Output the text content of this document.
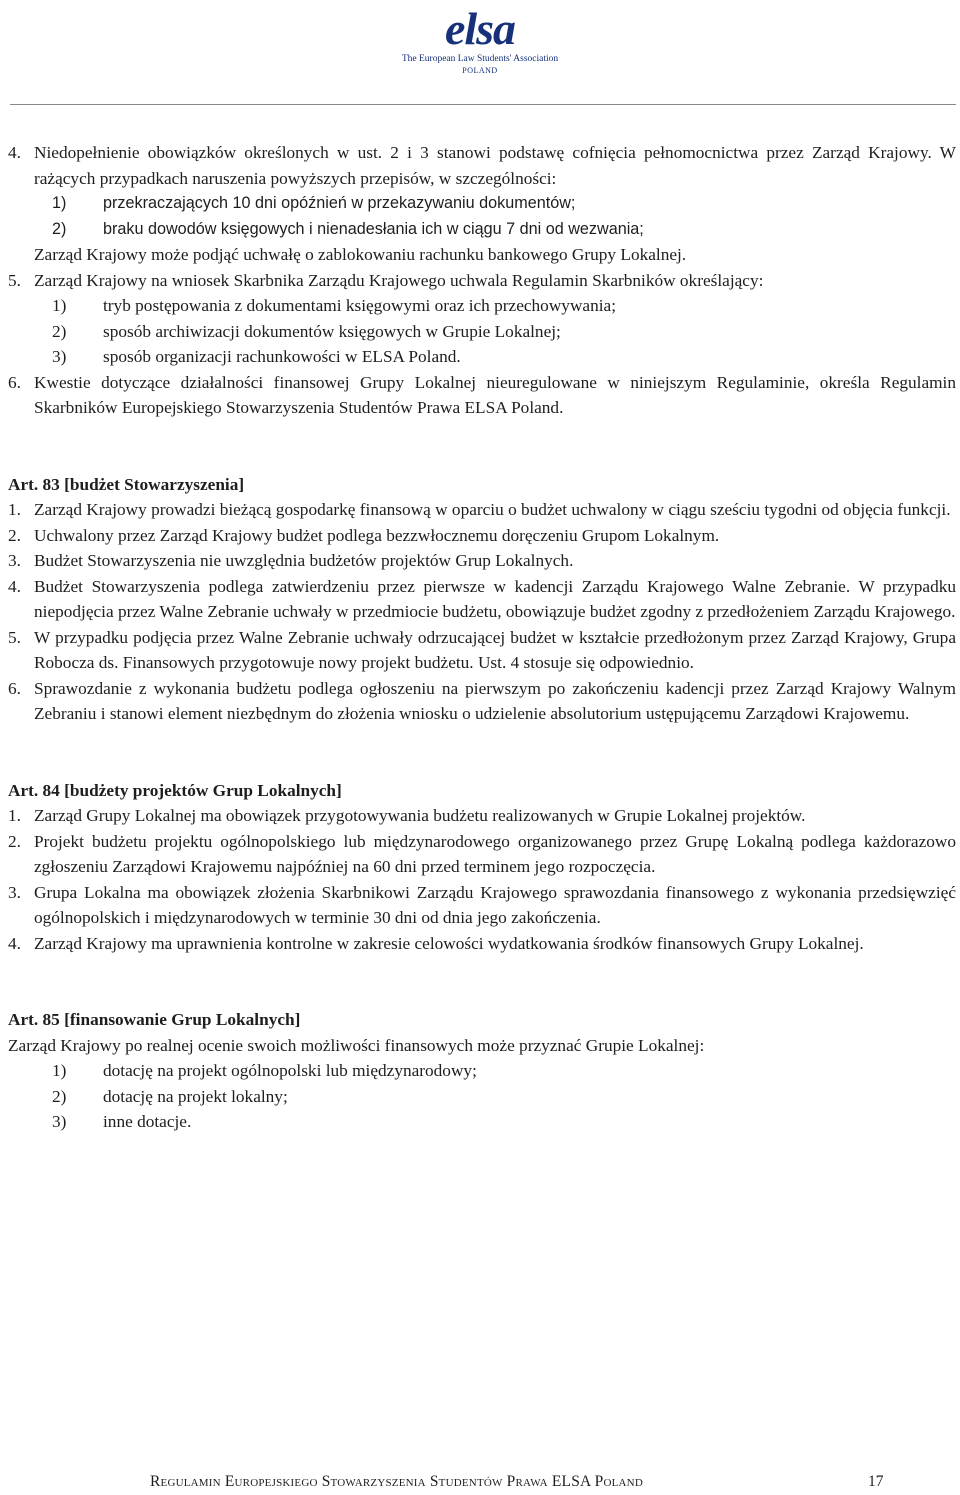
elsa
The European Law Students' Association
POLAND
4. Niedopełnienie obowiązków określonych w ust. 2 i 3 stanowi podstawę cofnięcia pełnomocnictwa przez Zarząd Krajowy. W rażących przypadkach naruszenia powyższych przepisów, w szczególności:
1) przekraczających 10 dni opóźnień w przekazywaniu dokumentów;
2) braku dowodów księgowych i nienadesłania ich w ciągu 7 dni od wezwania;
Zarząd Krajowy może podjąć uchwałę o zablokowaniu rachunku bankowego Grupy Lokalnej.
5. Zarząd Krajowy na wniosek Skarbnika Zarządu Krajowego uchwala Regulamin Skarbników określający:
1) tryb postępowania z dokumentami księgowymi oraz ich przechowywania;
2) sposób archiwizacji dokumentów księgowych w Grupie Lokalnej;
3) sposób organizacji rachunkowości w ELSA Poland.
6. Kwestie dotyczące działalności finansowej Grupy Lokalnej nieuregulowane w niniejszym Regulaminie, określa Regulamin Skarbników Europejskiego Stowarzyszenia Studentów Prawa ELSA Poland.
Art. 83 [budżet Stowarzyszenia]
1. Zarząd Krajowy prowadzi bieżącą gospodarkę finansową w oparciu o budżet uchwalony w ciągu sześciu tygodni od objęcia funkcji.
2. Uchwalony przez Zarząd Krajowy budżet podlega bezzwłocznemu doręczeniu Grupom Lokalnym.
3. Budżet Stowarzyszenia nie uwzględnia budżetów projektów Grup Lokalnych.
4. Budżet Stowarzyszenia podlega zatwierdzeniu przez pierwsze w kadencji Zarządu Krajowego Walne Zebranie. W przypadku niepodjęcia przez Walne Zebranie uchwały w przedmiocie budżetu, obowiązuje budżet zgodny z przedłożeniem Zarządu Krajowego.
5. W przypadku podjęcia przez Walne Zebranie uchwały odrzucającej budżet w kształcie przedłożonym przez Zarząd Krajowy, Grupa Robocza ds. Finansowych przygotowuje nowy projekt budżetu. Ust. 4 stosuje się odpowiednio.
6. Sprawozdanie z wykonania budżetu podlega ogłoszeniu na pierwszym po zakończeniu kadencji przez Zarząd Krajowy Walnym Zebraniu i stanowi element niezbędnym do złożenia wniosku o udzielenie absolutorium ustępującemu Zarządowi Krajowemu.
Art. 84 [budżety projektów Grup Lokalnych]
1. Zarząd Grupy Lokalnej ma obowiązek przygotowywania budżetu realizowanych w Grupie Lokalnej projektów.
2. Projekt budżetu projektu ogólnopolskiego lub międzynarodowego organizowanego przez Grupę Lokalną podlega każdorazowo zgłoszeniu Zarządowi Krajowemu najpóźniej na 60 dni przed terminem jego rozpoczęcia.
3. Grupa Lokalna ma obowiązek złożenia Skarbnikowi Zarządu Krajowego sprawozdania finansowego z wykonania przedsięwzięć ogólnopolskich i międzynarodowych w terminie 30 dni od dnia jego zakończenia.
4. Zarząd Krajowy ma uprawnienia kontrolne w zakresie celowości wydatkowania środków finansowych Grupy Lokalnej.
Art. 85 [finansowanie Grup Lokalnych]
Zarząd Krajowy po realnej ocenie swoich możliwości finansowych może przyznać Grupie Lokalnej:
1) dotację na projekt ogólnopolski lub międzynarodowy;
2) dotację na projekt lokalny;
3) inne dotacje.
Regulamin Europejskiego Stowarzyszenia Studentów Prawa ELSA Poland	17
